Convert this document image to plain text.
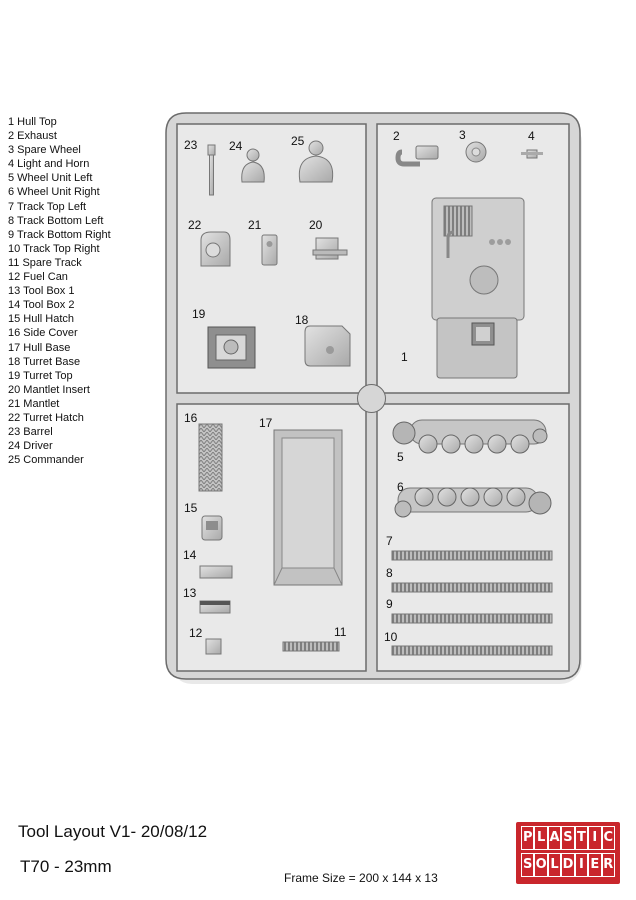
1 Hull Top
2 Exhaust
3 Spare Wheel
4 Light and Horn
5 Wheel Unit Left
6 Wheel Unit Right
7 Track Top Left
8 Track Bottom Left
9 Track Bottom Right
10 Track Top Right
11 Spare Track
12 Fuel Can
13 Tool Box 1
14 Tool Box 2
15 Hull Hatch
16 Side Cover
17 Hull Base
18 Turret Base
19 Turret Top
20 Mantlet Insert
21 Mantlet
22 Turret Hatch
23 Barrel
24 Driver
25 Commander
1
2	3	4
5
6
7
8
9
10
11
12
13
14
15
16	17
18
19
20
21
22
23	24	25
Tool Layout V1- 20/08/12
T70 - 23mm
Frame Size = 200 x 144 x 13
P L A S T I C
S O L D I E R
